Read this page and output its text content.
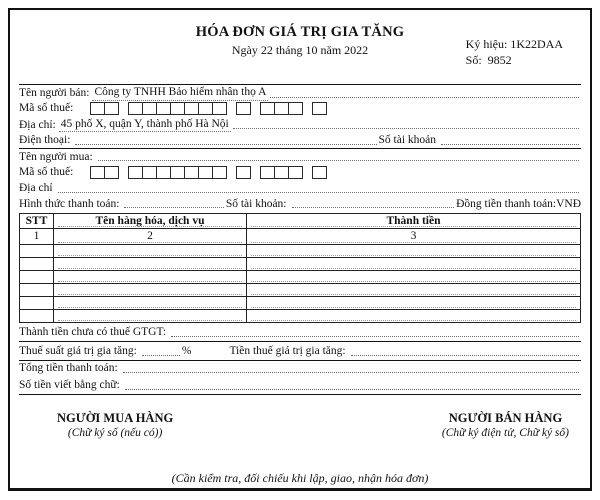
HÓA ĐƠN GIÁ TRỊ GIA TĂNG
Ngày 22 tháng 10 năm 2022	Ký hiệu: 1K22DAA
Số: 9852
Tên người bán: Công ty TNHH Bảo hiểm nhân thọ A
Mã số thuế:
Địa chỉ: 45 phố X, quận Y, thành phố Hà Nội
Điện thoại:	Số tài khoản
Tên người mua:
Mã số thuế:
Địa chỉ
Hình thức thanh toán:	Số tài khoản:	Đồng tiền thanh toán: VNĐ
STT	Tên hàng hóa, dịch vụ	Thành tiền

1	2	3

Thành tiền chưa có thuế GTGT:
Thuế suất giá trị gia tăng:	%	Tiền thuế giá trị gia tăng:
Tổng tiền thanh toán:
Số tiền viết bằng chữ:
NGƯỜI MUA HÀNG
(Chữ ký số (nếu có))
NGƯỜI BÁN HÀNG
(Chữ ký điện tử, Chữ ký số)
(Cần kiểm tra, đối chiếu khi lập, giao, nhận hóa đơn)
